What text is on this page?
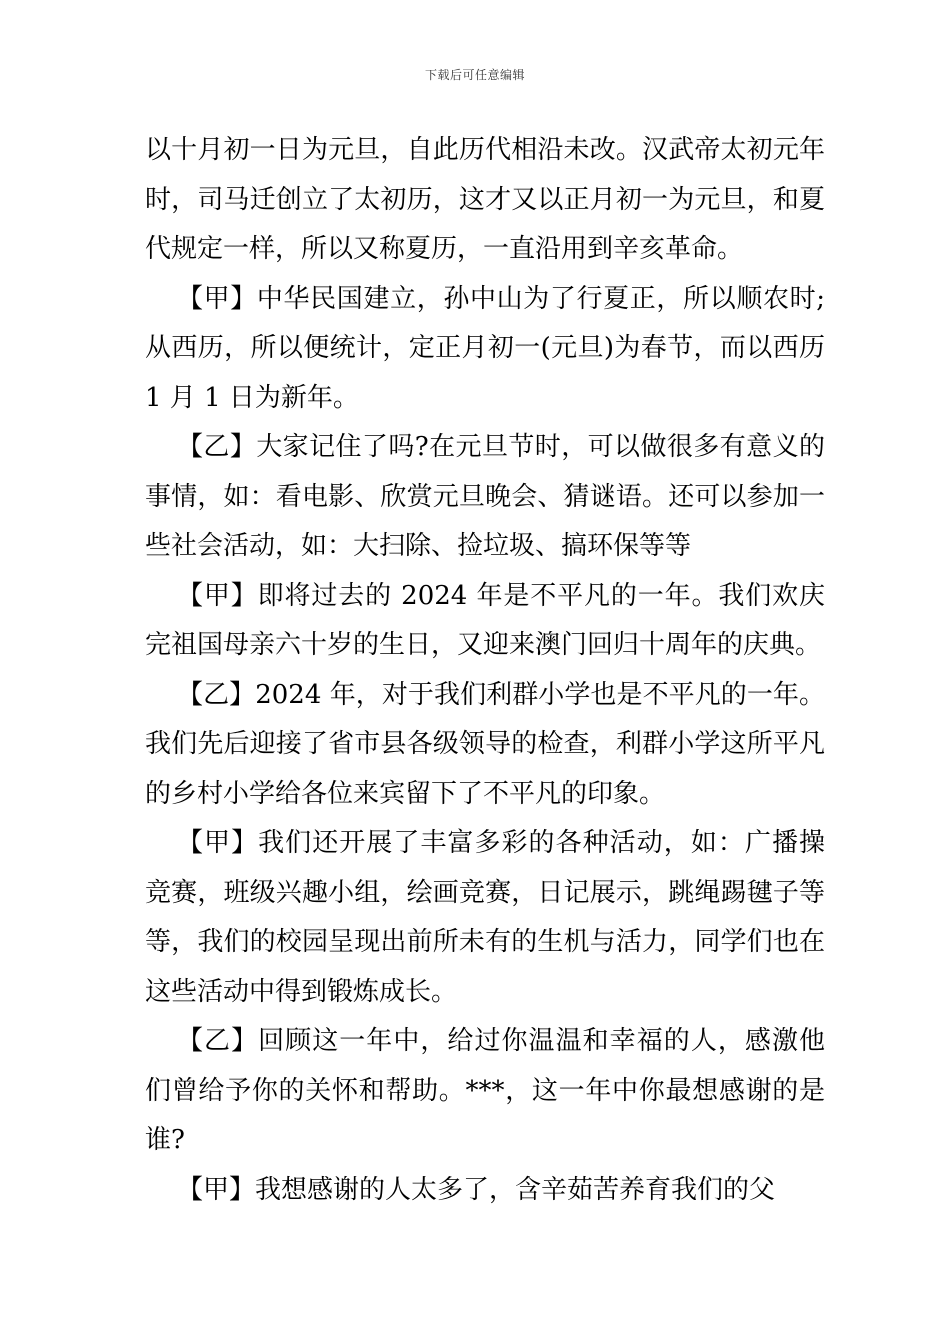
下载后可任意编辑

以十月初一日为元旦，自此历代相沿未改。汉武帝太初元年时，司马迁创立了太初历，这才又以正月初一为元旦，和夏代规定一样，所以又称夏历，一直沿用到辛亥革命。

【甲】中华民国建立，孙中山为了行夏正，所以顺农时;从西历，所以便统计，定正月初一(元旦)为春节，而以西历 1 月 1 日为新年。

【乙】大家记住了吗?在元旦节时，可以做很多有意义的事情，如：看电影、欣赏元旦晚会、猜谜语。还可以参加一些社会活动，如：大扫除、捡垃圾、搞环保等等

【甲】即将过去的 2024 年是不平凡的一年。我们欢庆完祖国母亲六十岁的生日，又迎来澳门回归十周年的庆典。

【乙】2024 年，对于我们利群小学也是不平凡的一年。我们先后迎接了省市县各级领导的检查，利群小学这所平凡的乡村小学给各位来宾留下了不平凡的印象。

【甲】我们还开展了丰富多彩的各种活动，如：广播操竞赛，班级兴趣小组，绘画竞赛，日记展示，跳绳踢毽子等等，我们的校园呈现出前所未有的生机与活力，同学们也在这些活动中得到锻炼成长。

【乙】回顾这一年中，给过你温温和幸福的人，感激他们曾给予你的关怀和帮助。***，这一年中你最想感谢的是谁?

【甲】我想感谢的人太多了，含辛茹苦养育我们的父
